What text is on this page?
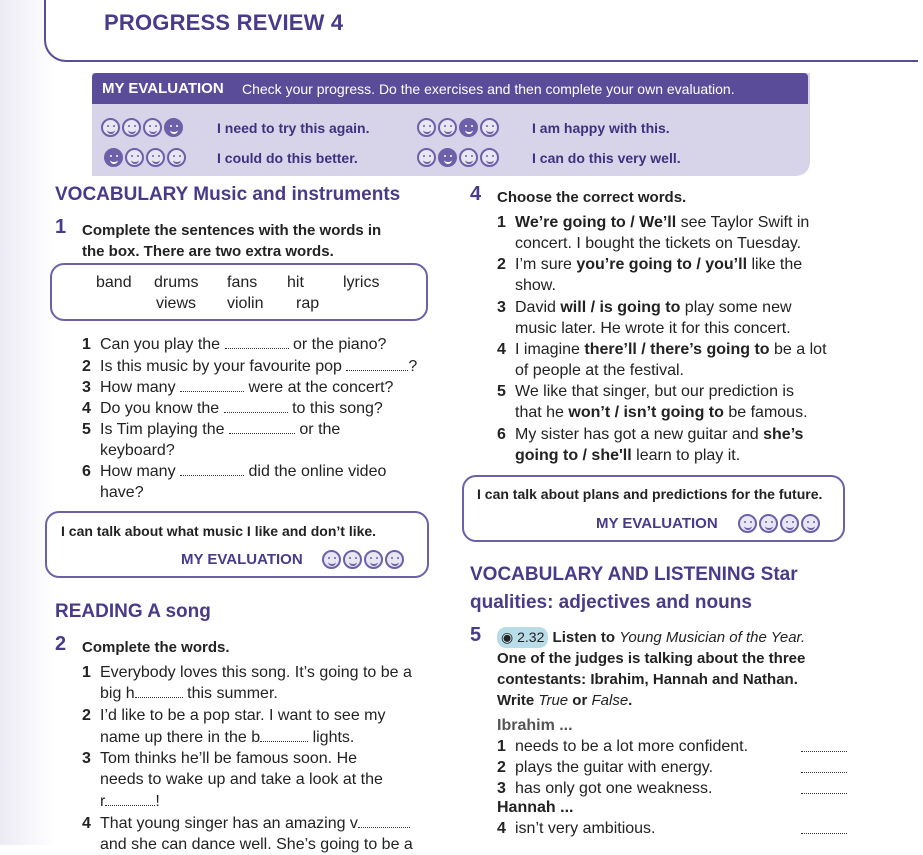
PROGRESS REVIEW 4
MY EVALUATION Check your progress. Do the exercises and then complete your own evaluation.
I need to try this again.	I am happy with this.
I could do this better.	I can do this very well.
VOCABULARY Music and instruments
1 Complete the sentences with the words in
the box. There are two extra words.
band drums fans hit lyrics
views violin rap
1 Can you play the	or the piano?
2 Is this music by your favourite pop	?
3 How many	were at the concert?
4 Do you know the	to this song?
5 Is Tim playing the	or the
keyboard?
6 How many	did the online video
have?
I can talk about what music I like and don’t like.
MY EVALUATION
READING A song
2 Complete the words.
1 Everybody loves this song. It’s going to be a
big h	this summer.
2 I’d like to be a pop star. I want to see my
name up there in the b	lights.
3 Tom thinks he’ll be famous soon. He
needs to wake up and take a look at the
r	!
4 That young singer has an amazing v
and she can dance well. She’s going to be a
4 Choose the correct words.
1 We’re going to / We’ll see Taylor Swift in
concert. I bought the tickets on Tuesday.
2 I’m sure you’re going to / you’ll like the
show.
3 David will / is going to play some new
music later. He wrote it for this concert.
4 I imagine there’ll / there’s going to be a lot
of people at the festival.
5 We like that singer, but our prediction is
that he won’t / isn’t going to be famous.
6 My sister has got a new guitar and she’s
going to / she'll learn to play it.
I can talk about plans and predictions for the future.
MY EVALUATION
VOCABULARY AND LISTENING Star
qualities: adjectives and nouns
5 ◉ 2.32 Listen to Young Musician of the Year.
One of the judges is talking about the three
contestants: Ibrahim, Hannah and Nathan.
Write True or False.
Ibrahim ...
1 needs to be a lot more confident.
2 plays the guitar with energy.
3 has only got one weakness.
Hannah ...
4 isn’t very ambitious.
